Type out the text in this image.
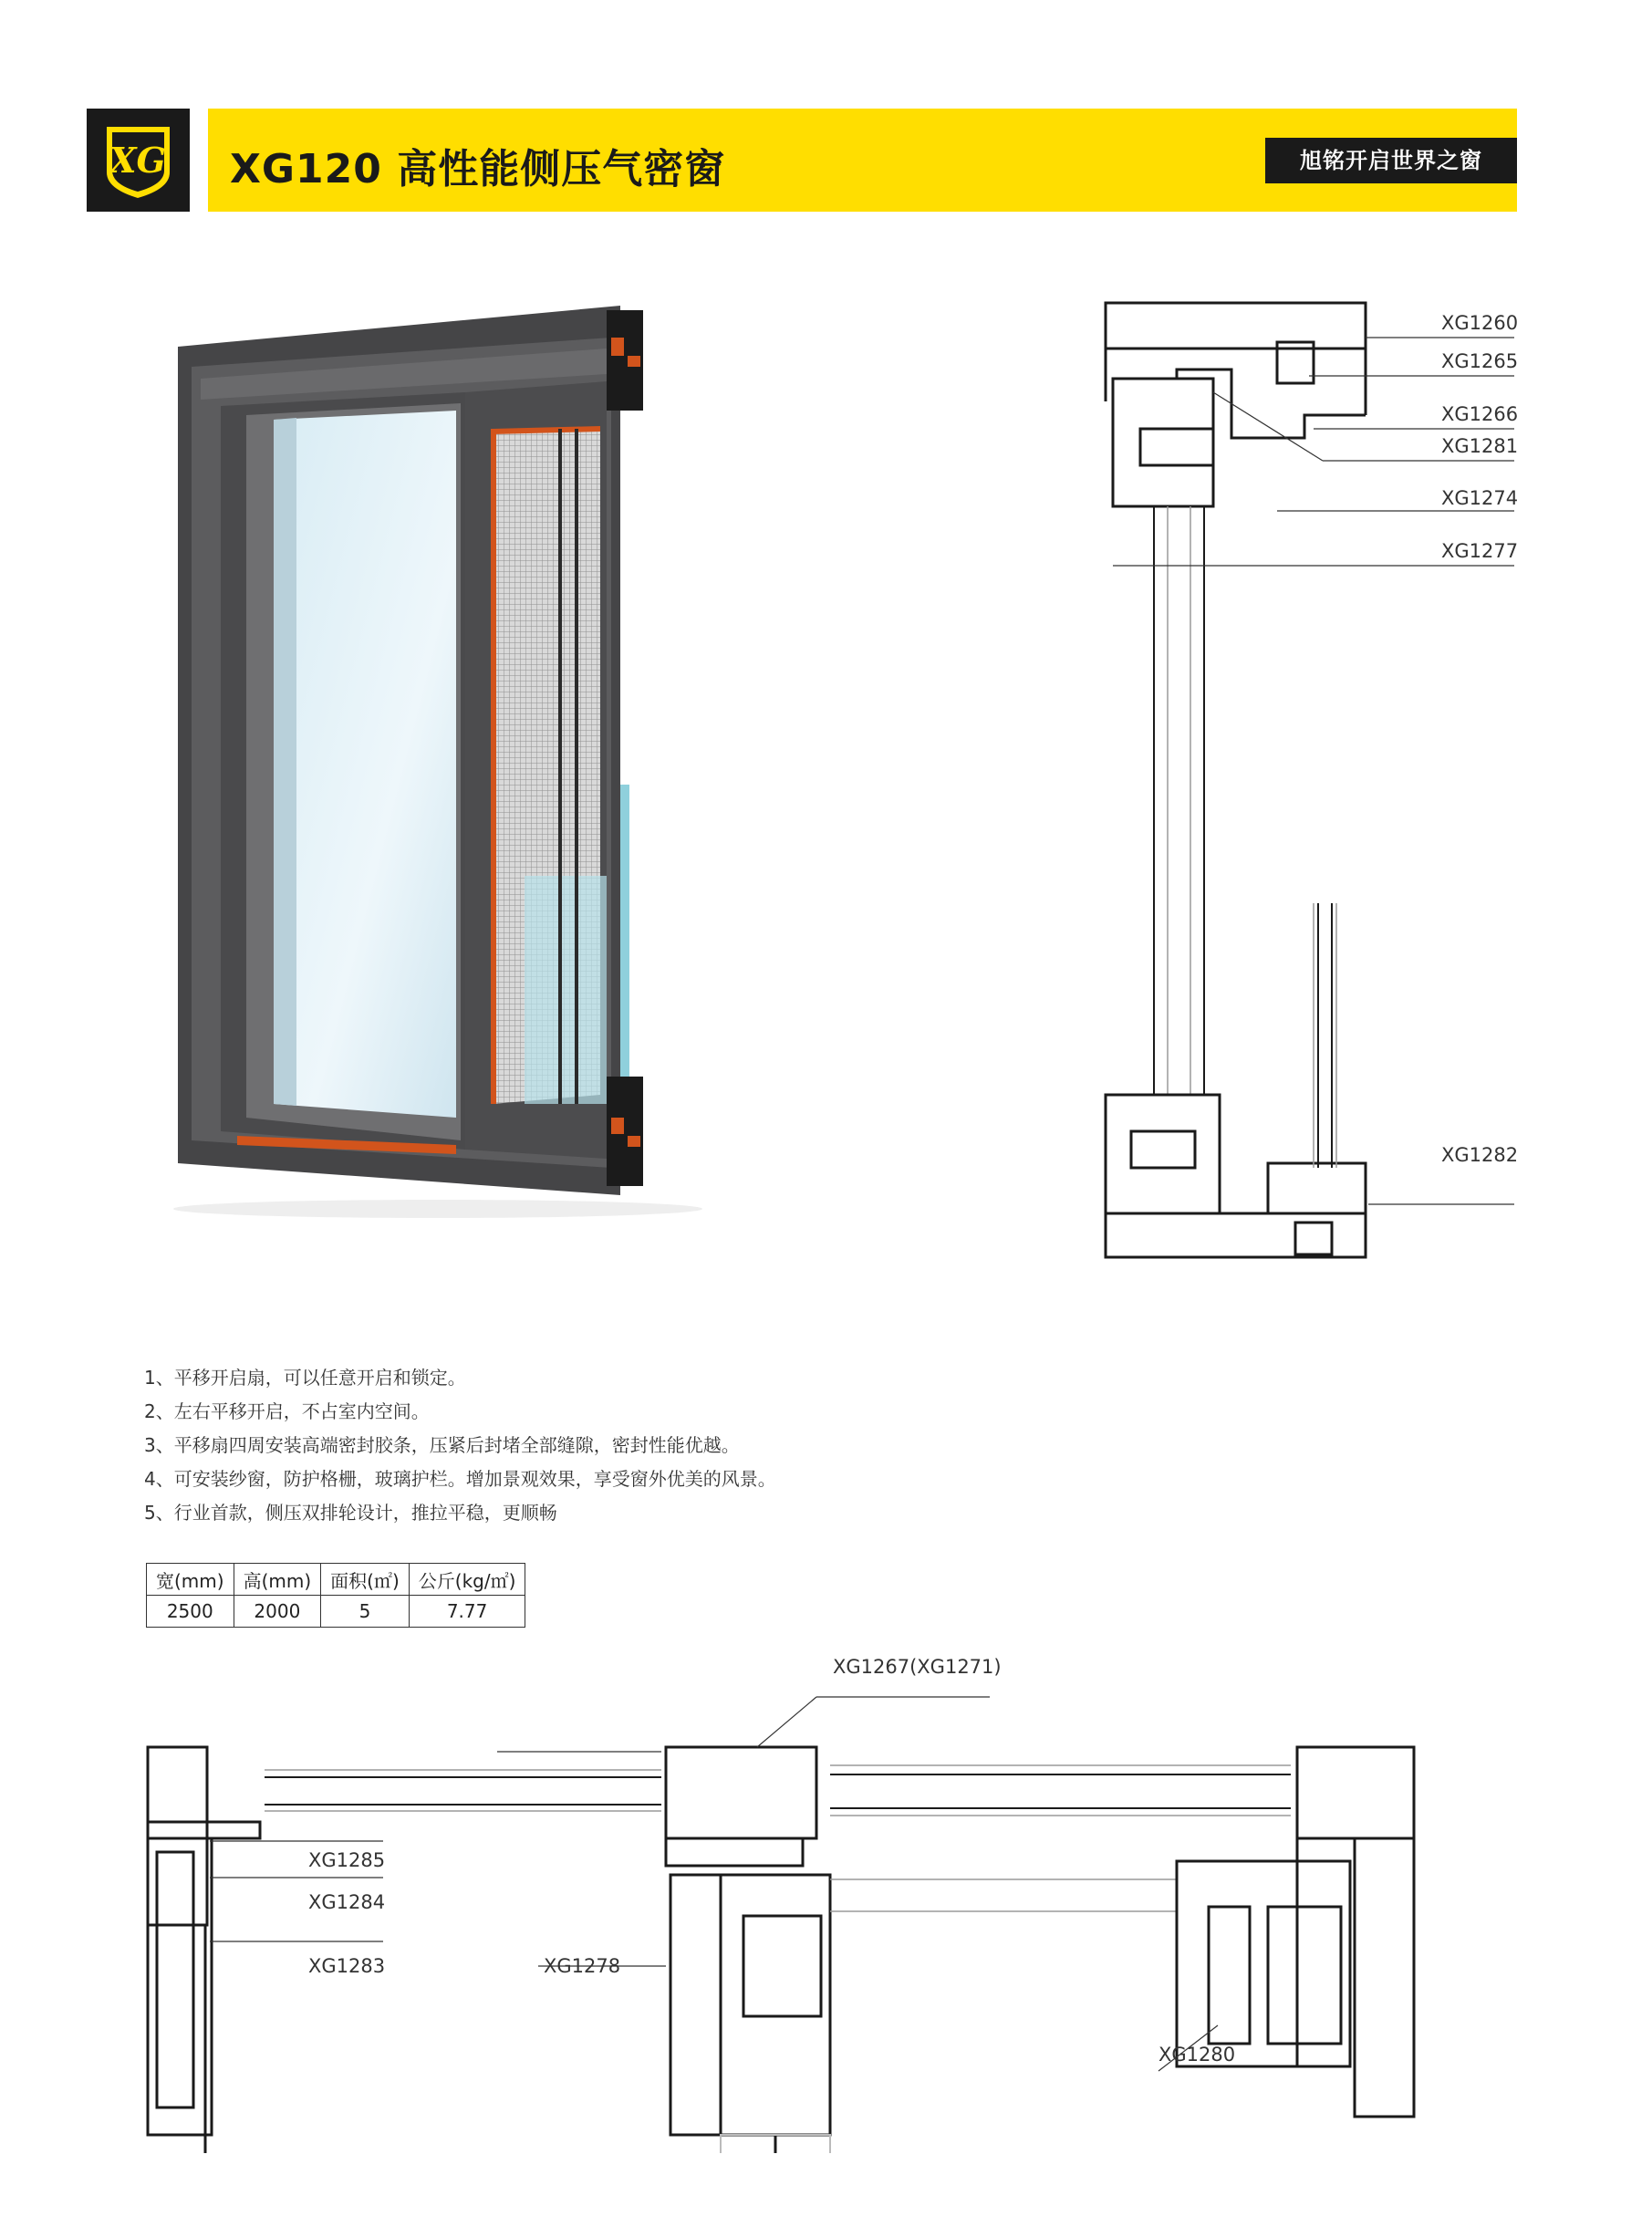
XG XG120 高性能侧压气密窗	旭铭开启世界之窗
XG1260
XG1265
XG1266
XG1281
XG1274
XG1277
XG1282

1、平移开启扇，可以任意开启和锁定。

2、左右平移开启，不占室内空间。

3、平移扇四周安装高端密封胶条，压紧后封堵全部缝隙，密封性能优越。

4、可安装纱窗，防护格栅，玻璃护栏。增加景观效果，享受窗外优美的风景。

5、行业首款，侧压双排轮设计，推拉平稳，更顺畅

宽(mm)	高(mm)	面积(㎡)	公斤(kg/㎡)
2500	2000	5	7.77
XG1267(XG1271)
XG1285
XG1284
XG1283	XG1278
XG1280
